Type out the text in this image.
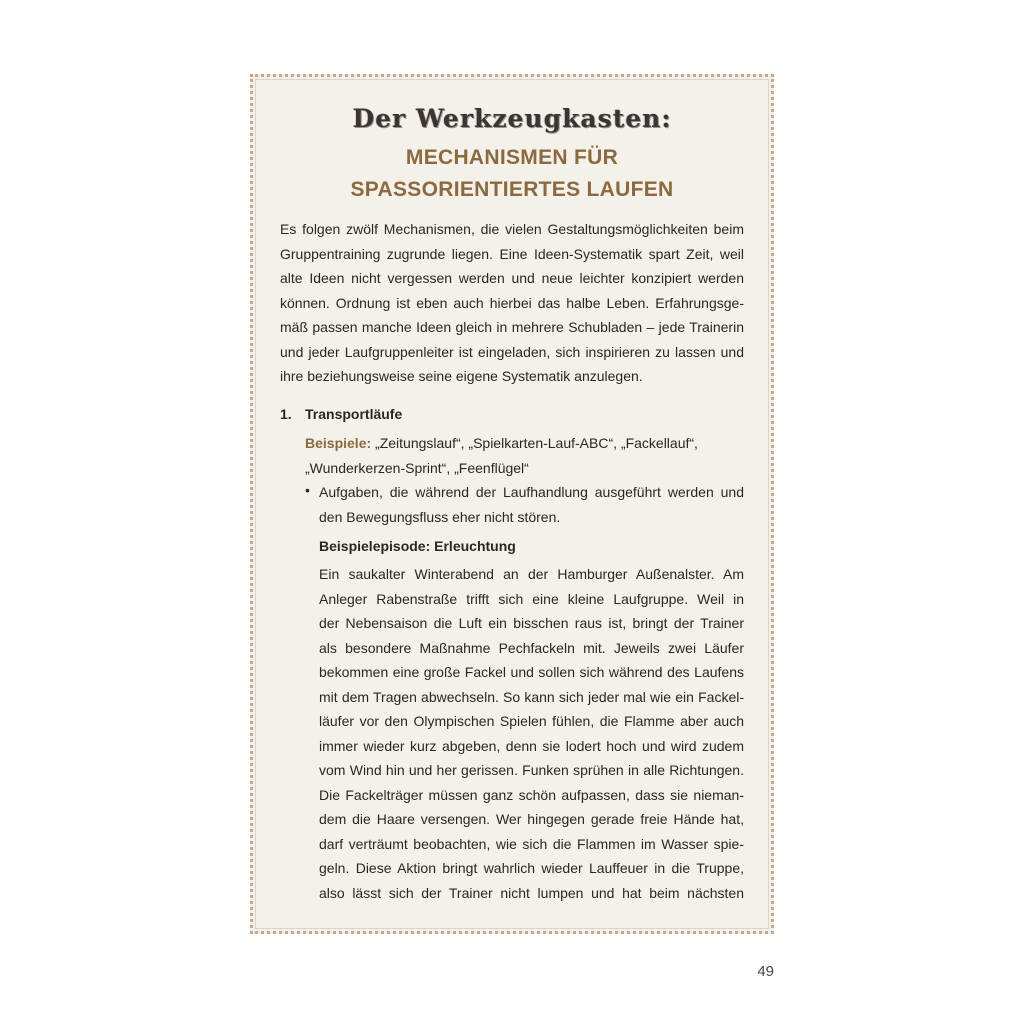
Der Werkzeugkasten:
MECHANISMEN FÜR
SPASSORIENTIERTES LAUFEN
Es folgen zwölf Mechanismen, die vielen Gestaltungsmöglichkeiten beim
Gruppentraining zugrunde liegen. Eine Ideen-Systematik spart Zeit, weil
alte Ideen nicht vergessen werden und neue leichter konzipiert werden
können. Ordnung ist eben auch hierbei das halbe Leben. Erfahrungsge-
mäß passen manche Ideen gleich in mehrere Schubladen – jede Trainerin
und jeder Laufgruppenleiter ist eingeladen, sich inspirieren zu lassen und
ihre beziehungsweise seine eigene Systematik anzulegen.
1. Transportläufe
Beispiele: „Zeitungslauf“, „Spielkarten-Lauf-ABC“, „Fackellauf“,
„Wunderkerzen-Sprint“, „Feenflügel“
• Aufgaben, die während der Laufhandlung ausgeführt werden und
den Bewegungsfluss eher nicht stören.
Beispielepisode: Erleuchtung
Ein saukalter Winterabend an der Hamburger Außenalster. Am
Anleger Rabenstraße trifft sich eine kleine Laufgruppe. Weil in
der Nebensaison die Luft ein bisschen raus ist, bringt der Trainer
als besondere Maßnahme Pechfackeln mit. Jeweils zwei Läufer
bekommen eine große Fackel und sollen sich während des Laufens
mit dem Tragen abwechseln. So kann sich jeder mal wie ein Fackel-
läufer vor den Olympischen Spielen fühlen, die Flamme aber auch
immer wieder kurz abgeben, denn sie lodert hoch und wird zudem
vom Wind hin und her gerissen. Funken sprühen in alle Richtungen.
Die Fackelträger müssen ganz schön aufpassen, dass sie nieman-
dem die Haare versengen. Wer hingegen gerade freie Hände hat,
darf verträumt beobachten, wie sich die Flammen im Wasser spie-
geln. Diese Aktion bringt wahrlich wieder Lauffeuer in die Truppe,
also lässt sich der Trainer nicht lumpen und hat beim nächsten
49
